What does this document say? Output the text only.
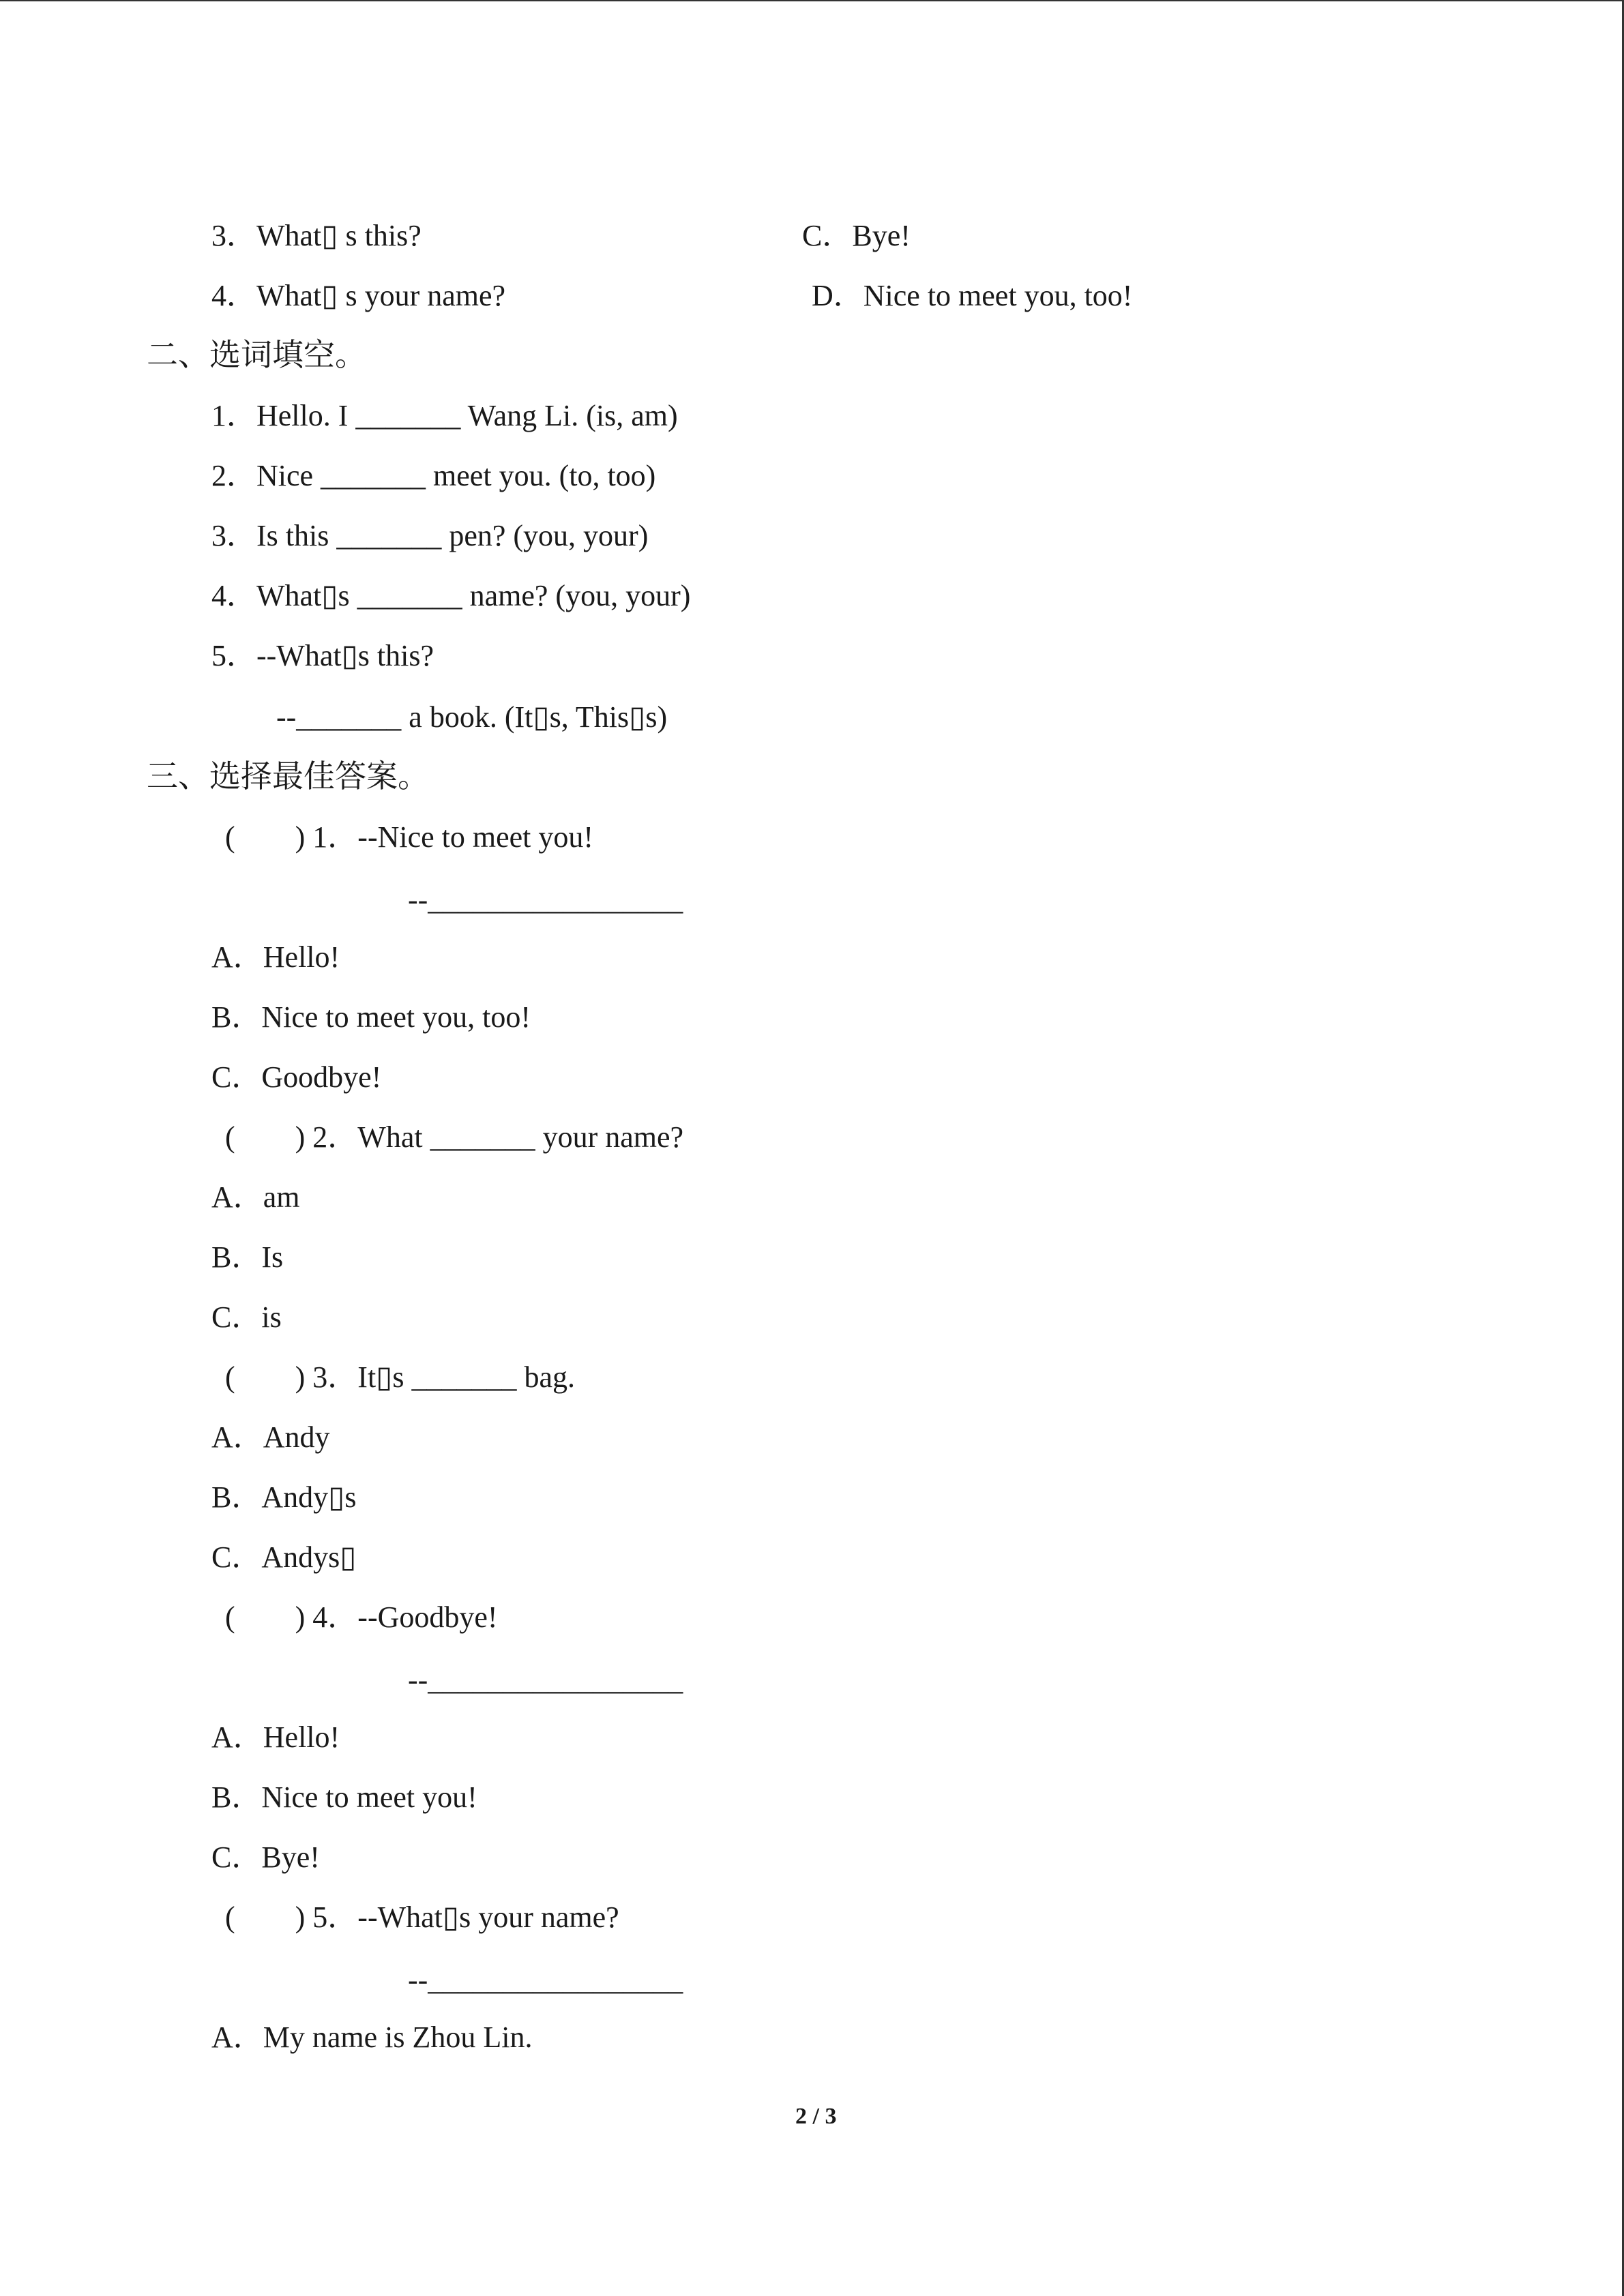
3．What▯ s this?	C．Bye!
4．What▯ s your name?	D．Nice to meet you, too!
二、选词填空。
1．Hello. I _______ Wang Li. (is, am)
2．Nice _______ meet you. (to, too)
3．Is this _______ pen? (you, your)
4．What▯s _______ name? (you, your)
5．--What▯s this?
--_______ a book. (It▯s, This▯s)
三、选择最佳答案。
(        ) 1．--Nice to meet you!
--_________________
A．Hello!
B．Nice to meet you, too!
C．Goodbye!
(        ) 2．What _______ your name?
A．am
B．Is
C．is
(        ) 3．It▯s _______ bag.
A．Andy
B．Andy▯s
C．Andys▯
(        ) 4．--Goodbye!
--_________________
A．Hello!
B．Nice to meet you!
C．Bye!
(        ) 5．--What▯s your name?
--_________________
A．My name is Zhou Lin.
2 / 3
